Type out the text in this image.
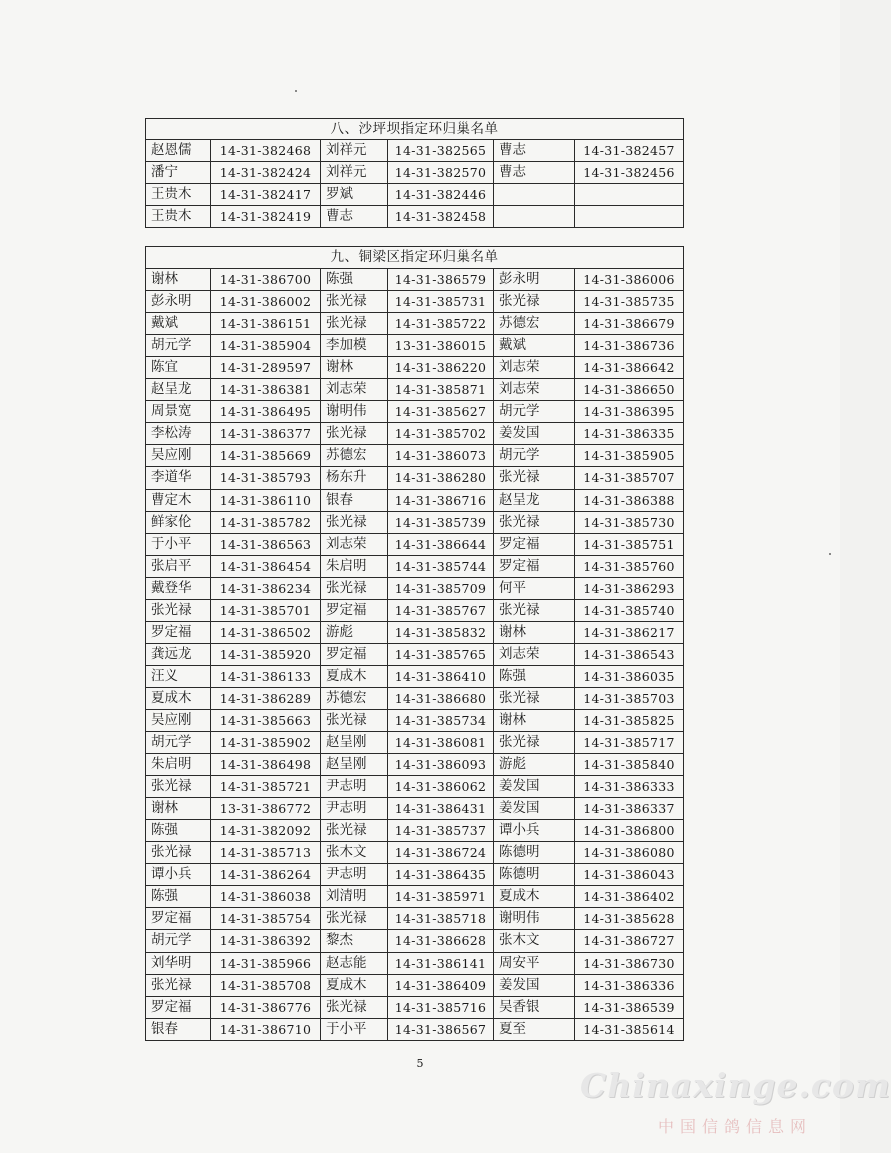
八、沙坪坝指定环归巢名单					
赵恩儒	14-31-382468	刘祥元	14-31-382565	曹志	14-31-382457
潘宁	14-31-382424	刘祥元	14-31-382570	曹志	14-31-382456
王贵木	14-31-382417	罗斌	14-31-382446		
王贵木	14-31-382419	曹志	14-31-382458		
九、铜梁区指定环归巢名单					
谢林	14-31-386700	陈强	14-31-386579	彭永明	14-31-386006
彭永明	14-31-386002	张光禄	14-31-385731	张光禄	14-31-385735
戴斌	14-31-386151	张光禄	14-31-385722	苏德宏	14-31-386679
胡元学	14-31-385904	李加模	13-31-386015	戴斌	14-31-386736
陈宜	14-31-289597	谢林	14-31-386220	刘志荣	14-31-386642
赵呈龙	14-31-386381	刘志荣	14-31-385871	刘志荣	14-31-386650
周景宽	14-31-386495	谢明伟	14-31-385627	胡元学	14-31-386395
李松涛	14-31-386377	张光禄	14-31-385702	姜发国	14-31-386335
吴应刚	14-31-385669	苏德宏	14-31-386073	胡元学	14-31-385905
李道华	14-31-385793	杨东升	14-31-386280	张光禄	14-31-385707
曹定木	14-31-386110	银春	14-31-386716	赵呈龙	14-31-386388
鲜家伦	14-31-385782	张光禄	14-31-385739	张光禄	14-31-385730
于小平	14-31-386563	刘志荣	14-31-386644	罗定福	14-31-385751
张启平	14-31-386454	朱启明	14-31-385744	罗定福	14-31-385760
戴登华	14-31-386234	张光禄	14-31-385709	何平	14-31-386293
张光禄	14-31-385701	罗定福	14-31-385767	张光禄	14-31-385740
罗定福	14-31-386502	游彪	14-31-385832	谢林	14-31-386217
龚远龙	14-31-385920	罗定福	14-31-385765	刘志荣	14-31-386543
汪义	14-31-386133	夏成木	14-31-386410	陈强	14-31-386035
夏成木	14-31-386289	苏德宏	14-31-386680	张光禄	14-31-385703
吴应刚	14-31-385663	张光禄	14-31-385734	谢林	14-31-385825
胡元学	14-31-385902	赵呈刚	14-31-386081	张光禄	14-31-385717
朱启明	14-31-386498	赵呈刚	14-31-386093	游彪	14-31-385840
张光禄	14-31-385721	尹志明	14-31-386062	姜发国	14-31-386333
谢林	13-31-386772	尹志明	14-31-386431	姜发国	14-31-386337
陈强	14-31-382092	张光禄	14-31-385737	谭小兵	14-31-386800
张光禄	14-31-385713	张木文	14-31-386724	陈德明	14-31-386080
谭小兵	14-31-386264	尹志明	14-31-386435	陈德明	14-31-386043
陈强	14-31-386038	刘清明	14-31-385971	夏成木	14-31-386402
罗定福	14-31-385754	张光禄	14-31-385718	谢明伟	14-31-385628
胡元学	14-31-386392	黎杰	14-31-386628	张木文	14-31-386727
刘华明	14-31-385966	赵志能	14-31-386141	周安平	14-31-386730
张光禄	14-31-385708	夏成木	14-31-386409	姜发国	14-31-386336
罗定福	14-31-386776	张光禄	14-31-385716	吴香银	14-31-386539
银春	14-31-386710	于小平	14-31-386567	夏至	14-31-385614
5
Chinaxinge.com
中国信鸽信息网
